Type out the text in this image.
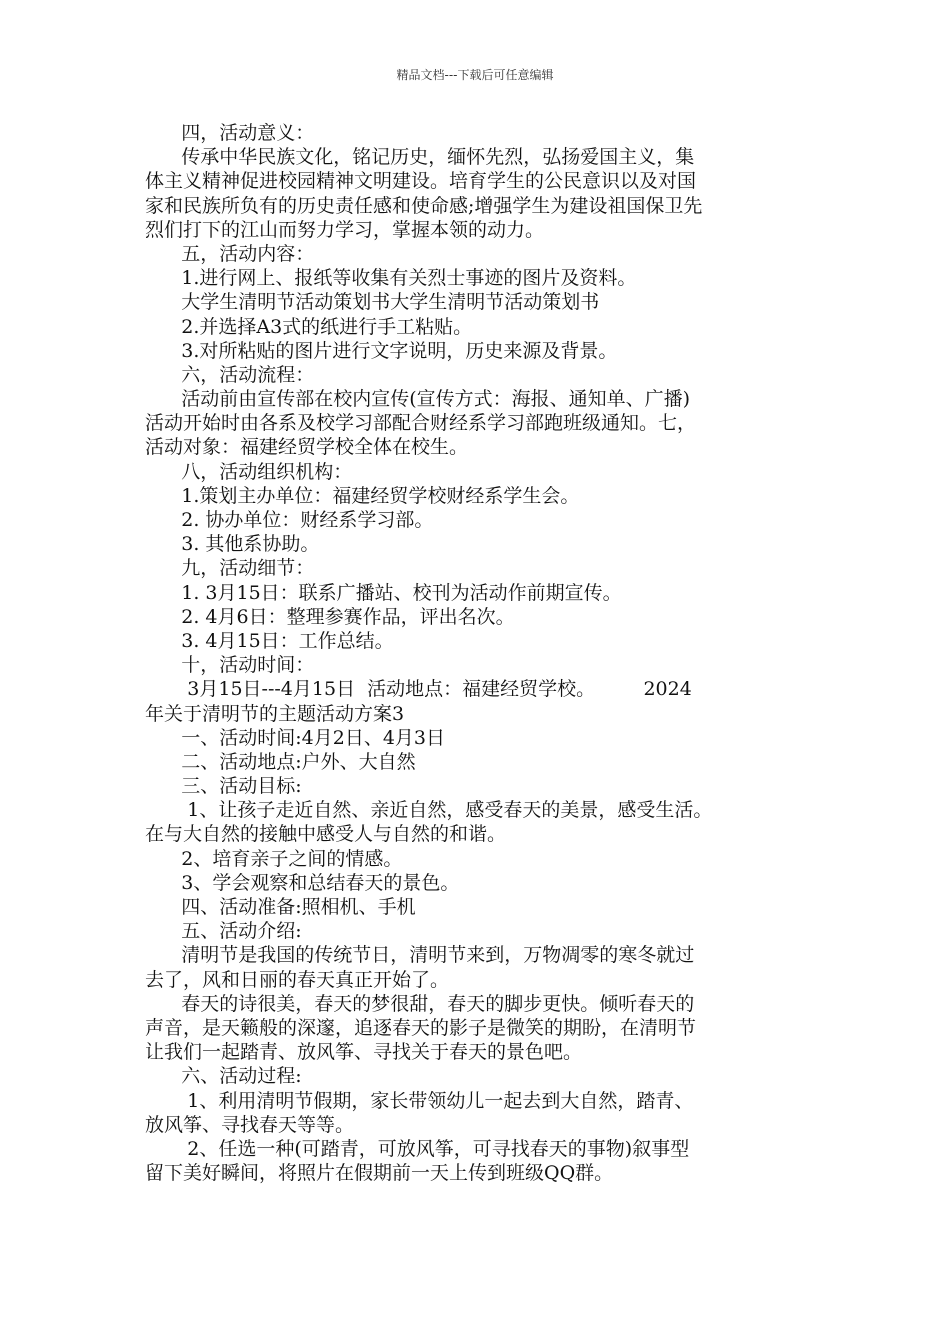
精品文档---下载后可任意编辑
四，活动意义：
传承中华民族文化，铭记历史，缅怀先烈，弘扬爱国主义，集
体主义精神促进校园精神文明建设。培育学生的公民意识以及对国
家和民族所负有的历史责任感和使命感;增强学生为建设祖国保卫先
烈们打下的江山而努力学习，掌握本领的动力。
五，活动内容：
1.进行网上、报纸等收集有关烈士事迹的图片及资料。
大学生清明节活动策划书大学生清明节活动策划书
2.并选择A3式的纸进行手工粘贴。
3.对所粘贴的图片进行文字说明，历史来源及背景。
六，活动流程：
活动前由宣传部在校内宣传(宣传方式：海报、通知单、广播)
活动开始时由各系及校学习部配合财经系学习部跑班级通知。七，
活动对象：福建经贸学校全体在校生。
八，活动组织机构：
1.策划主办单位：福建经贸学校财经系学生会。
2. 协办单位：财经系学习部。
3. 其他系协助。
九，活动细节：
1. 3月15日：联系广播站、校刊为活动作前期宣传。
2. 4月6日：整理参赛作品，评出名次。
3. 4月15日：工作总结。
十，活动时间：
3月15日---4月15日  活动地点：福建经贸学校。        2024
年关于清明节的主题活动方案3
一、活动时间:4月2日、4月3日
二、活动地点:户外、大自然
三、活动目标:
1、让孩子走近自然、亲近自然，感受春天的美景，感受生活。
在与大自然的接触中感受人与自然的和谐。
2、培育亲子之间的情感。
3、学会观察和总结春天的景色。
四、活动准备:照相机、手机
五、活动介绍:
清明节是我国的传统节日，清明节来到，万物凋零的寒冬就过
去了，风和日丽的春天真正开始了。
春天的诗很美，春天的梦很甜，春天的脚步更快。倾听春天的
声音，是天籁般的深邃，追逐春天的影子是微笑的期盼，在清明节
让我们一起踏青、放风筝、寻找关于春天的景色吧。
六、活动过程:
1、利用清明节假期，家长带领幼儿一起去到大自然，踏青、
放风筝、寻找春天等等。
2、任选一种(可踏青，可放风筝，可寻找春天的事物)叙事型
留下美好瞬间，将照片在假期前一天上传到班级QQ群。
